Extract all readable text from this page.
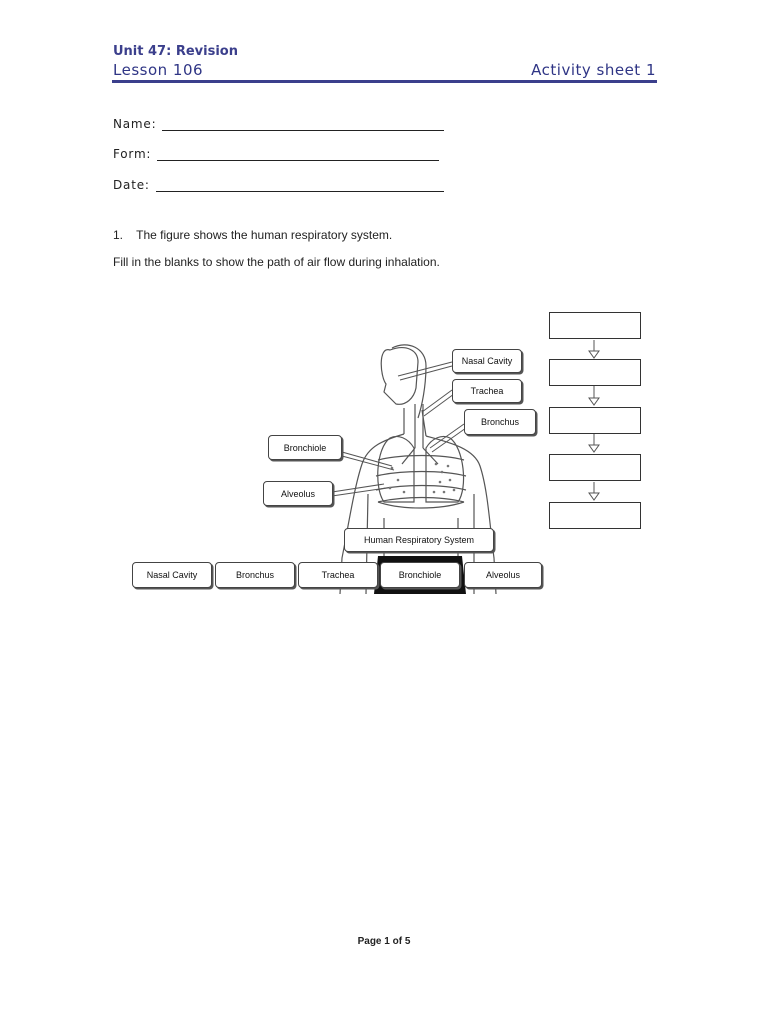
Unit 47: Revision
Lesson 106	Activity sheet 1
Name:
Form:
Date:
1. The figure shows the human respiratory system.
Fill in the blanks to show the path of air flow during inhalation.
Nasal Cavity
Trachea
Bronchus
Bronchiole
Alveolus
Human Respiratory System
Nasal Cavity	Bronchus	Trachea	Bronchiole	Alveolus
Page 1 of 5
